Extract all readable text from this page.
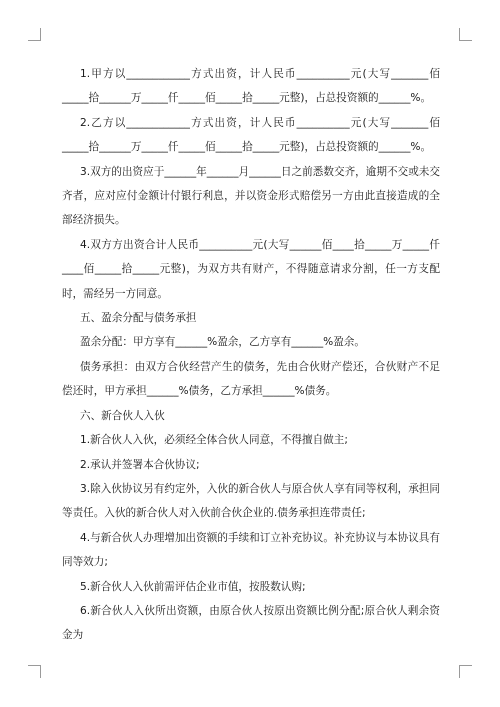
1.甲方以____________方式出资，计人民币__________元(大写_______佰_____拾______万_____仟_____佰_____拾_____元整)，占总投资额的______%。

2.乙方以____________方式出资，计人民币__________元(大写_______佰_____拾______万_____仟_____佰_____拾_____元整)，占总投资额的______%。

3.双方的出资应于______年______月______日之前悉数交齐，逾期不交或未交齐者，应对应付金额计付银行利息，并以资金形式赔偿另一方由此直接造成的全部经济损失。

4.双方方出资合计人民币__________元(大写______佰____拾_____万_____仟____佰_____拾_____元整)，为双方共有财产，不得随意请求分割，任一方支配时，需经另一方同意。

五、盈余分配与债务承担

盈余分配：甲方享有______%盈余，乙方享有______%盈余。

债务承担：由双方合伙经营产生的债务，先由合伙财产偿还，合伙财产不足偿还时，甲方承担______%债务，乙方承担______%债务。

六、新合伙人入伙

1.新合伙人入伙，必须经全体合伙人同意，不得擅自做主;

2.承认并签署本合伙协议;

3.除入伙协议另有约定外，入伙的新合伙人与原合伙人享有同等权利，承担同等责任。入伙的新合伙人对入伙前合伙企业的.债务承担连带责任;

4.与新合伙人办理增加出资额的手续和订立补充协议。补充协议与本协议具有同等效力;

5.新合伙人入伙前需评估企业市值，按股数认购;

6.新合伙人入伙所出资额，由原合伙人按原出资额比例分配;原合伙人剩余资金为
